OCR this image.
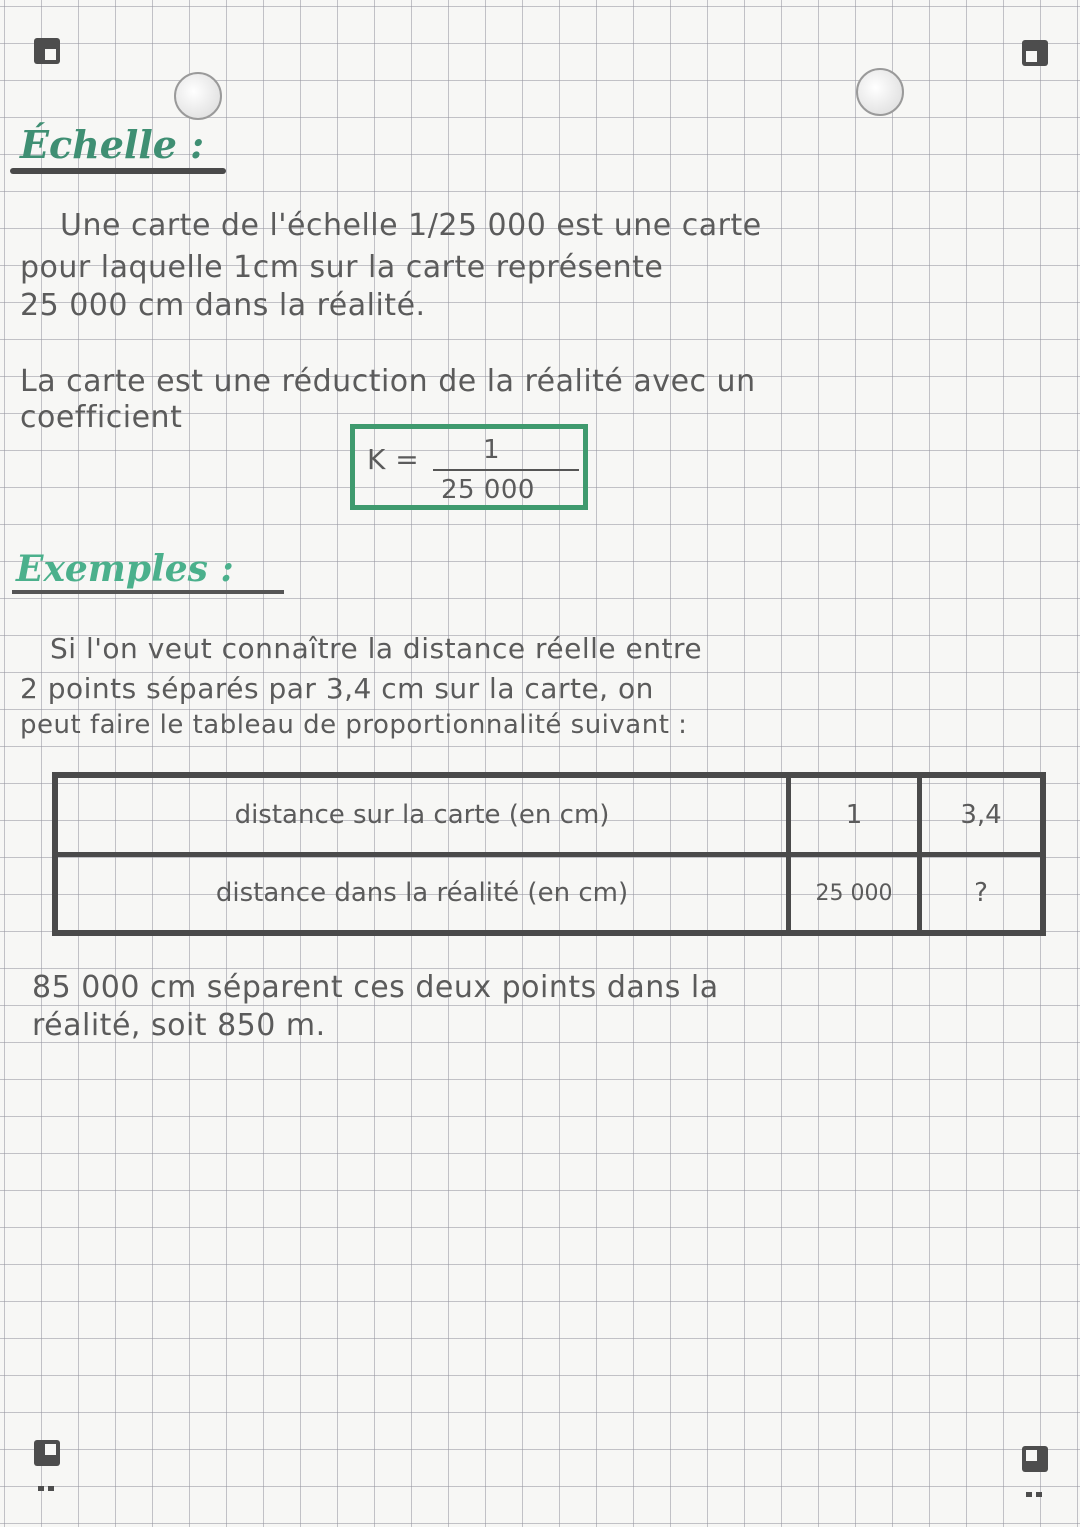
Échelle :
Une carte de l'échelle 1/25 000 est une carte
pour laquelle 1cm sur la carte représente
25 000 cm dans la réalité.
La carte est une réduction de la réalité avec un
coefficient
K = 1
25 000
Exemples :
Si l'on veut connaître la distance réelle entre
2 points séparés par 3,4 cm sur la carte, on
peut faire le tableau de proportionnalité suivant :
distance sur la carte (en cm)	1	3,4
distance dans la réalité (en cm)	25 000	?
85 000 cm séparent ces deux points dans la
réalité, soit 850 m.
